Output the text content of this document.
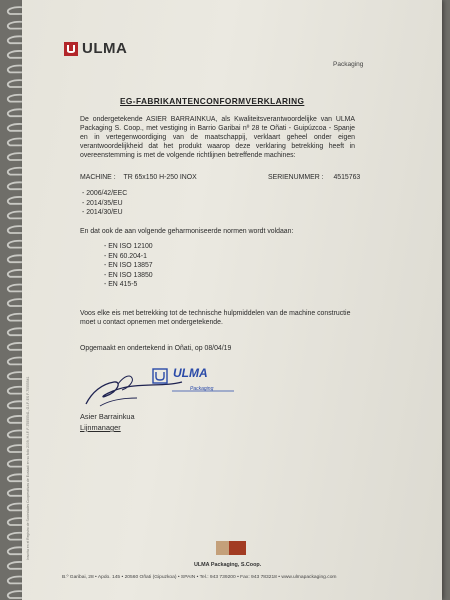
Inscrita en el Registro de Sociedades Cooperativas de Euskadi en su folio 2009, H.I.F. F-75555541, G.I.F. ES F-75555541
ULMA
Packaging
EG-FABRIKANTENCONFORMVERKLARING

De ondergetekende ASIER BARRAINKUA, als Kwaliteitsverantwoordelijke van ULMA Packaging S. Coop., met vestiging in Barrio Garibai nº 28 te Oñati - Guipúzcoa - Spanje en in vertegenwoordiging van de maatschappij, verklaart geheel onder eigen verantwoordelijkheid dat het produkt waarop deze verklaring betrekking heeft in overeenstemming is met de volgende richtlijnen betreffende machines:

MACHINE : TR 65x150 H-250 INOX	SERIENUMMER : 4515763
- 2006/42/EEC
- 2014/35/EU
- 2014/30/EU
En dat ook de aan volgende geharmoniseerde normen wordt voldaan:
- EN ISO 12100
- EN 60.204-1
- EN ISO 13857
- EN ISO 13850
- EN 415-5

Voos elke eis met betrekking tot de technische hulpmiddelen van de machine constructie moet u contact opnemen met ondergetekende.

Opgemaakt en ondertekend in Oñati, op 08/04/19
ULMA
Packaging
Asier Barrainkua
Lijnmanager
ULMA Packaging, S.Coop.
B.º Garibai, 28 • Apdo. 145 • 20560 Oñati (Gipuzkoa) • SPAIN • Tel.: 943 739200 • Fax: 943 783218 • www.ulmapackaging.com
